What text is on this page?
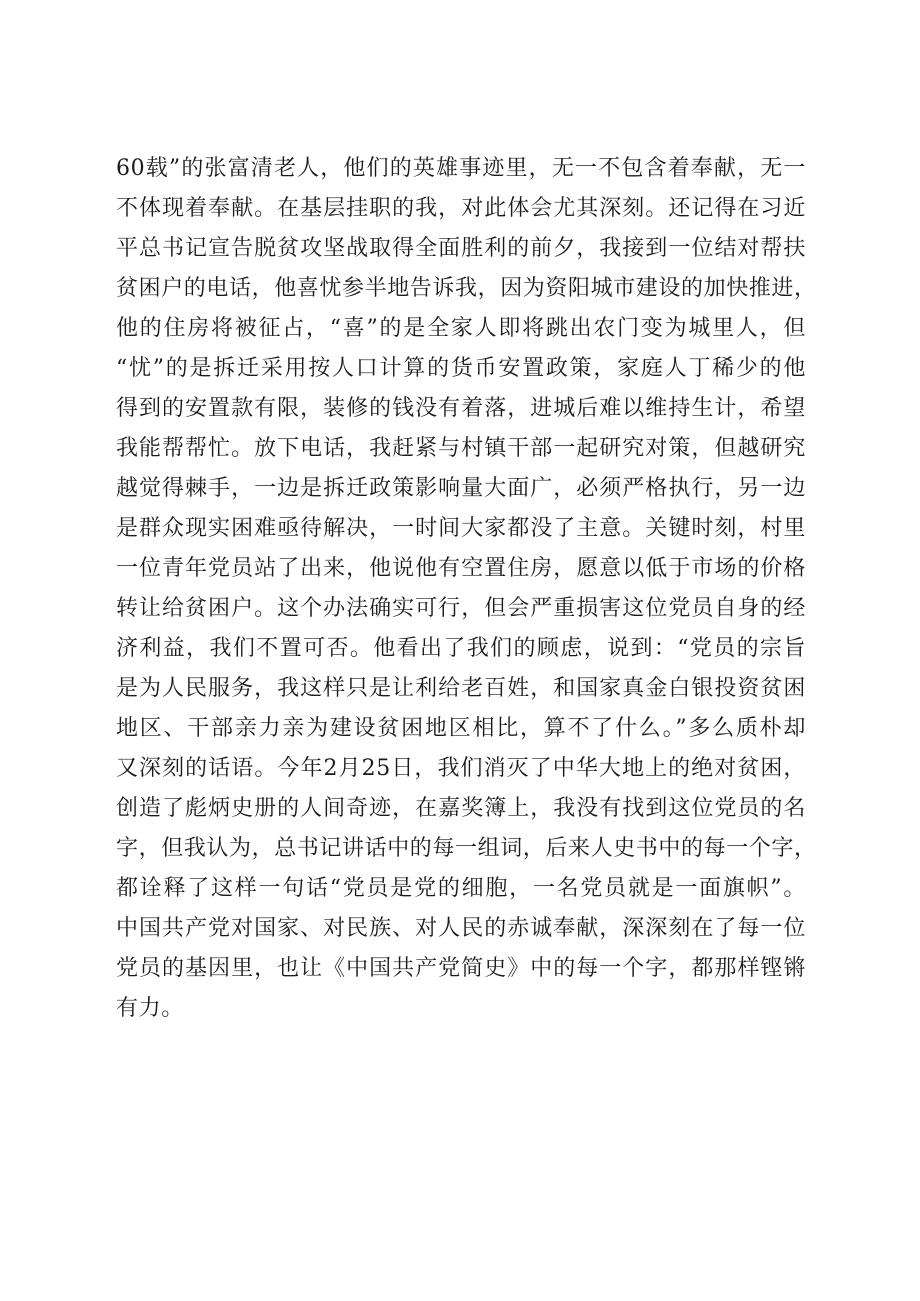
60载”的张富清老人，他们的英雄事迹里，无一不包含着奉献，无一
不体现着奉献。在基层挂职的我，对此体会尤其深刻。还记得在习近
平总书记宣告脱贫攻坚战取得全面胜利的前夕，我接到一位结对帮扶
贫困户的电话，他喜忧参半地告诉我，因为资阳城市建设的加快推进，
他的住房将被征占，“喜”的是全家人即将跳出农门变为城里人，但
“忧”的是拆迁采用按人口计算的货币安置政策，家庭人丁稀少的他
得到的安置款有限，装修的钱没有着落，进城后难以维持生计，希望
我能帮帮忙。放下电话，我赶紧与村镇干部一起研究对策，但越研究
越觉得棘手，一边是拆迁政策影响量大面广，必须严格执行，另一边
是群众现实困难亟待解决，一时间大家都没了主意。关键时刻，村里
一位青年党员站了出来，他说他有空置住房，愿意以低于市场的价格
转让给贫困户。这个办法确实可行，但会严重损害这位党员自身的经
济利益，我们不置可否。他看出了我们的顾虑，说到：“党员的宗旨
是为人民服务，我这样只是让利给老百姓，和国家真金白银投资贫困
地区、干部亲力亲为建设贫困地区相比，算不了什么。”多么质朴却
又深刻的话语。今年2月25日，我们消灭了中华大地上的绝对贫困，
创造了彪炳史册的人间奇迹，在嘉奖簿上，我没有找到这位党员的名
字，但我认为，总书记讲话中的每一组词，后来人史书中的每一个字，
都诠释了这样一句话“党员是党的细胞，一名党员就是一面旗帜”。
中国共产党对国家、对民族、对人民的赤诚奉献，深深刻在了每一位
党员的基因里，也让《中国共产党简史》中的每一个字，都那样铿锵
有力。
